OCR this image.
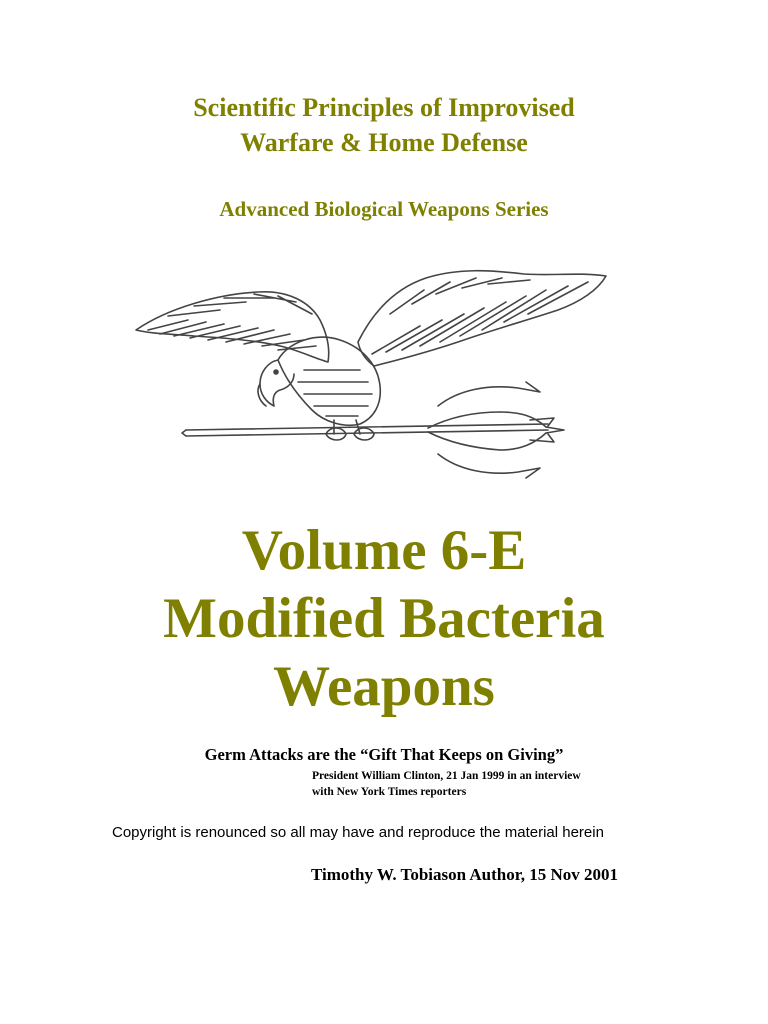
Scientific Principles of Improvised
Warfare & Home Defense
Advanced Biological Weapons Series
Volume 6-E
Modified Bacteria
Weapons
Germ Attacks are the “Gift That Keeps on Giving”
President William Clinton, 21 Jan 1999 in an interview
with New York Times reporters
Copyright is renounced so all may have and reproduce the material herein
Timothy W. Tobiason Author, 15 Nov 2001
